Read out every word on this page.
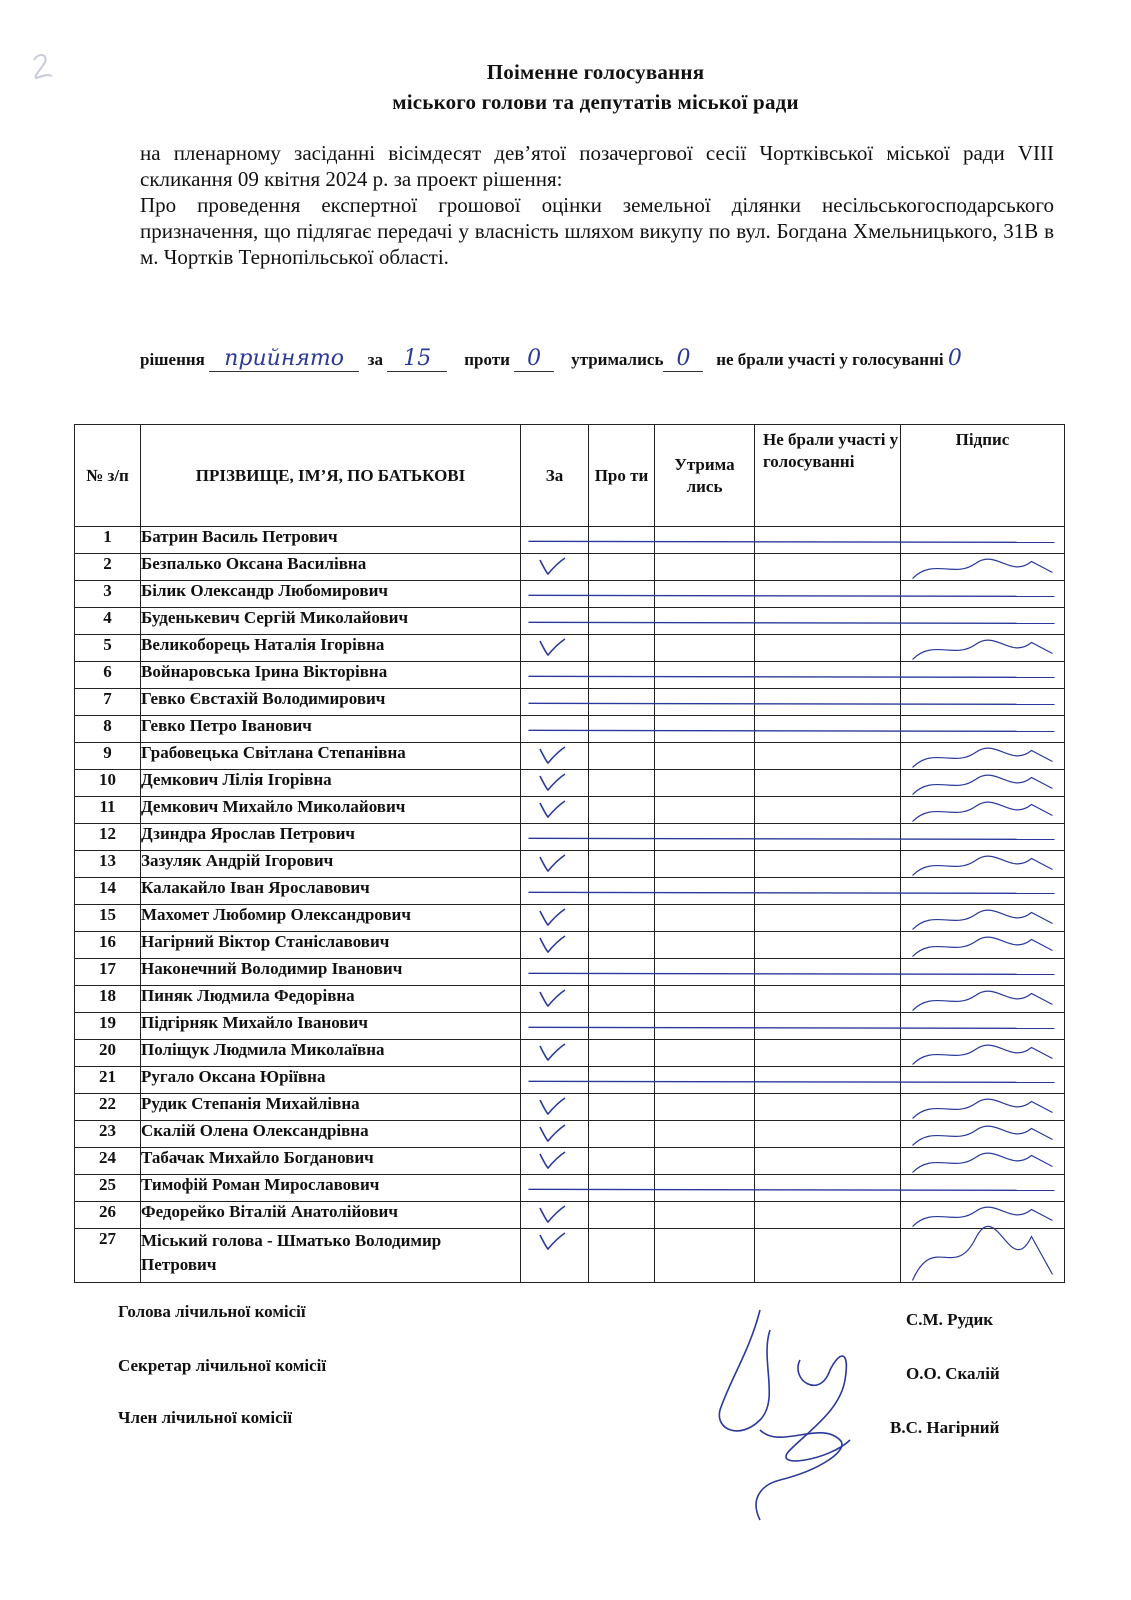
Поіменне голосування
міського голови та депутатів міської ради

на пленарному засіданні вісімдесят дев’ятої позачергової сесії Чортківської міської ради VIII скликання 09 квітня 2024 р. за проект рішення:

Про проведення експертної грошової оцінки земельної ділянки несільськогосподарського призначення, що підлягає передачі у власність шляхом викупу по вул. Богдана Хмельницького, 31В в м. Чортків Тернопільської області.

рішення прийнято за 15 проти 0 утримались 0 не брали участі у голосуванні 0
№ з/п	ПРІЗВИЩЕ, ІМ’Я, ПО БАТЬКОВІ	За	Про ти	Утрима лись	Не брали участі у голосуванні	Підпис
1	Батрин Василь Петрович					
2	Безпалько Оксана Василівна	

3	Білик Олександр Любомирович					
4	Буденькевич Сергій Миколайович					
5	Великоборець Наталія Ігорівна	

6	Войнаровська Ірина Вікторівна					
7	Гевко Євстахій Володимирович					
8	Гевко Петро Іванович					
9	Грабовецька Світлана Степанівна	

10	Демкович Лілія Ігорівна	

11	Демкович Михайло Миколайович	

12	Дзиндра Ярослав Петрович					
13	Зазуляк Андрій Ігорович	

14	Калакайло Іван Ярославович					
15	Махомет Любомир Олександрович	

16	Нагірний Віктор Станіславович	

17	Наконечний Володимир Іванович					
18	Пиняк Людмила Федорівна	

19	Підгірняк Михайло Іванович					
20	Поліщук Людмила Миколаївна	

21	Ругало Оксана Юріївна					
22	Рудик Степанія Михайлівна	

23	Скалій Олена Олександрівна	

24	Табачак Михайло Богданович	

25	Тимофій Роман Мирославович					
26	Федорейко Віталій Анатолійович	

27	Міський голова - Шматько Володимир Петрович	

Голова лічильної комісії	С.М. Рудик
Секретар лічильної комісії	О.О. Скалій
Член лічильної комісії
В.С. Нагірний
